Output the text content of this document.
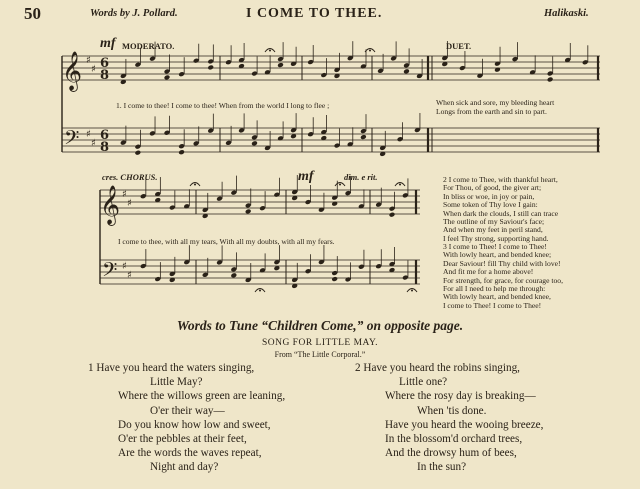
50	Words by J. Pollard.	I COME TO THEE.	Halikaski.
𝄞
𝄢
♯
♯
♯
♯
6
8
6
8
𝄞
𝄢
♯
♯
♯
♯
mf MODERATO.	DUET.
1. I come to thee! I come to thee! When from the world I long to flee ;	When sick and sore, my bleeding heart
Longs from the earth and sin to part.
cres. CHORUS.	mf	dim. e rit.
I come to thee, with all my tears, With all my doubts, with all my fears.
2 I come to Thee, with thankful heart,
For Thou, of good, the giver art;
In bliss or woe, in joy or pain,
Some token of Thy love I gain:
When dark the clouds, I still can trace
The outline of my Saviour's face;
And when my feet in peril stand,
I feel Thy strong, supporting hand.
3 I come to Thee! I come to Thee!
With lowly heart, and bended knee;
Dear Saviour! fill Thy child with love!
And fit me for a home above!
For strength, for grace, for courage too,
For all I need to help me through:
With lowly heart, and bended knee,
I come to Thee! I come to Thee!
Words to Tune “Children Come,” on opposite page.
SONG FOR LITTLE MAY.
From “The Little Corporal.”
1 Have you heard the waters singing,
Little May?
Where the willows green are leaning,
O'er their way—
Do you know how low and sweet,
O'er the pebbles at their feet,
Are the words the waves repeat,
Night and day?
2 Have you heard the robins singing,
Little one?
Where the rosy day is breaking—
When 'tis done.
Have you heard the wooing breeze,
In the blossom'd orchard trees,
And the drowsy hum of bees,
In the sun?
